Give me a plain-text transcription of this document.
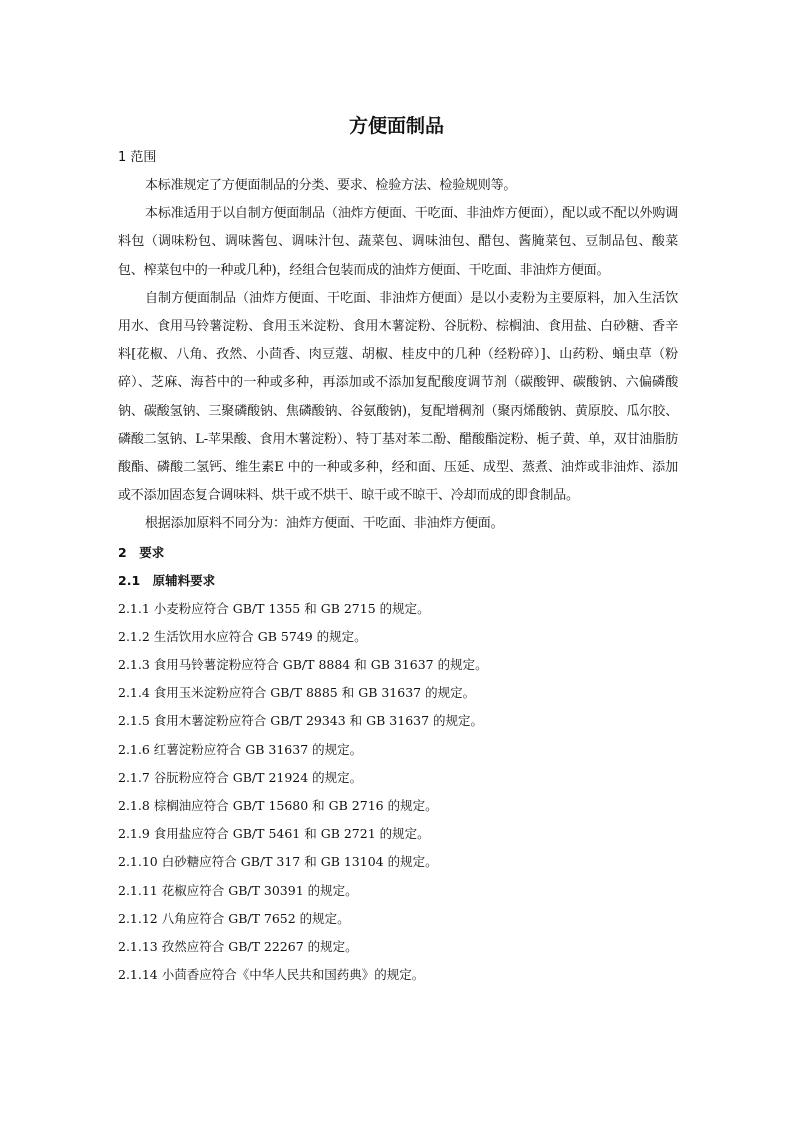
方便面制品
1 范围

本标准规定了方便面制品的分类、要求、检验方法、检验规则等。

本标准适用于以自制方便面制品（油炸方便面、干吃面、非油炸方便面），配以或不配以外购调料包（调味粉包、调味酱包、调味汁包、蔬菜包、调味油包、醋包、酱腌菜包、豆制品包、酸菜包、榨菜包中的一种或几种)，经组合包装而成的油炸方便面、干吃面、非油炸方便面。

自制方便面制品（油炸方便面、干吃面、非油炸方便面）是以小麦粉为主要原料，加入生活饮用水、食用马铃薯淀粉、食用玉米淀粉、食用木薯淀粉、谷朊粉、棕榈油、食用盐、白砂糖、香辛料[花椒、八角、孜然、小茴香、肉豆蔻、胡椒、桂皮中的几种（经粉碎）]、山药粉、蛹虫草（粉碎）、芝麻、海苔中的一种或多种，再添加或不添加复配酸度调节剂（碳酸钾、碳酸钠、六偏磷酸钠、碳酸氢钠、三聚磷酸钠、焦磷酸钠、谷氨酸钠)，复配增稠剂（聚丙烯酸钠、黄原胶、瓜尔胶、磷酸二氢钠、L-苹果酸、食用木薯淀粉）、特丁基对苯二酚、醋酸酯淀粉、栀子黄、单，双甘油脂肪酸酯、磷酸二氢钙、维生素E 中的一种或多种，经和面、压延、成型、蒸煮、油炸或非油炸、添加或不添加固态复合调味料、烘干或不烘干、晾干或不晾干、冷却而成的即食制品。

根据添加原料不同分为：油炸方便面、干吃面、非油炸方便面。

2　要求
2.1　原辅料要求

2.1.1 小麦粉应符合 GB/T 1355 和 GB 2715 的规定。

2.1.2 生活饮用水应符合 GB 5749 的规定。

2.1.3 食用马铃薯淀粉应符合 GB/T 8884 和 GB 31637 的规定。

2.1.4 食用玉米淀粉应符合 GB/T 8885 和 GB 31637 的规定。

2.1.5 食用木薯淀粉应符合 GB/T 29343 和 GB 31637 的规定。

2.1.6 红薯淀粉应符合 GB 31637 的规定。

2.1.7 谷朊粉应符合 GB/T 21924 的规定。

2.1.8 棕榈油应符合 GB/T 15680 和 GB 2716 的规定。

2.1.9 食用盐应符合 GB/T 5461 和 GB 2721 的规定。

2.1.10 白砂糖应符合 GB/T 317 和 GB 13104 的规定。

2.1.11 花椒应符合 GB/T 30391 的规定。

2.1.12 八角应符合 GB/T 7652 的规定。

2.1.13 孜然应符合 GB/T 22267 的规定。

2.1.14 小茴香应符合《中华人民共和国药典》的规定。
